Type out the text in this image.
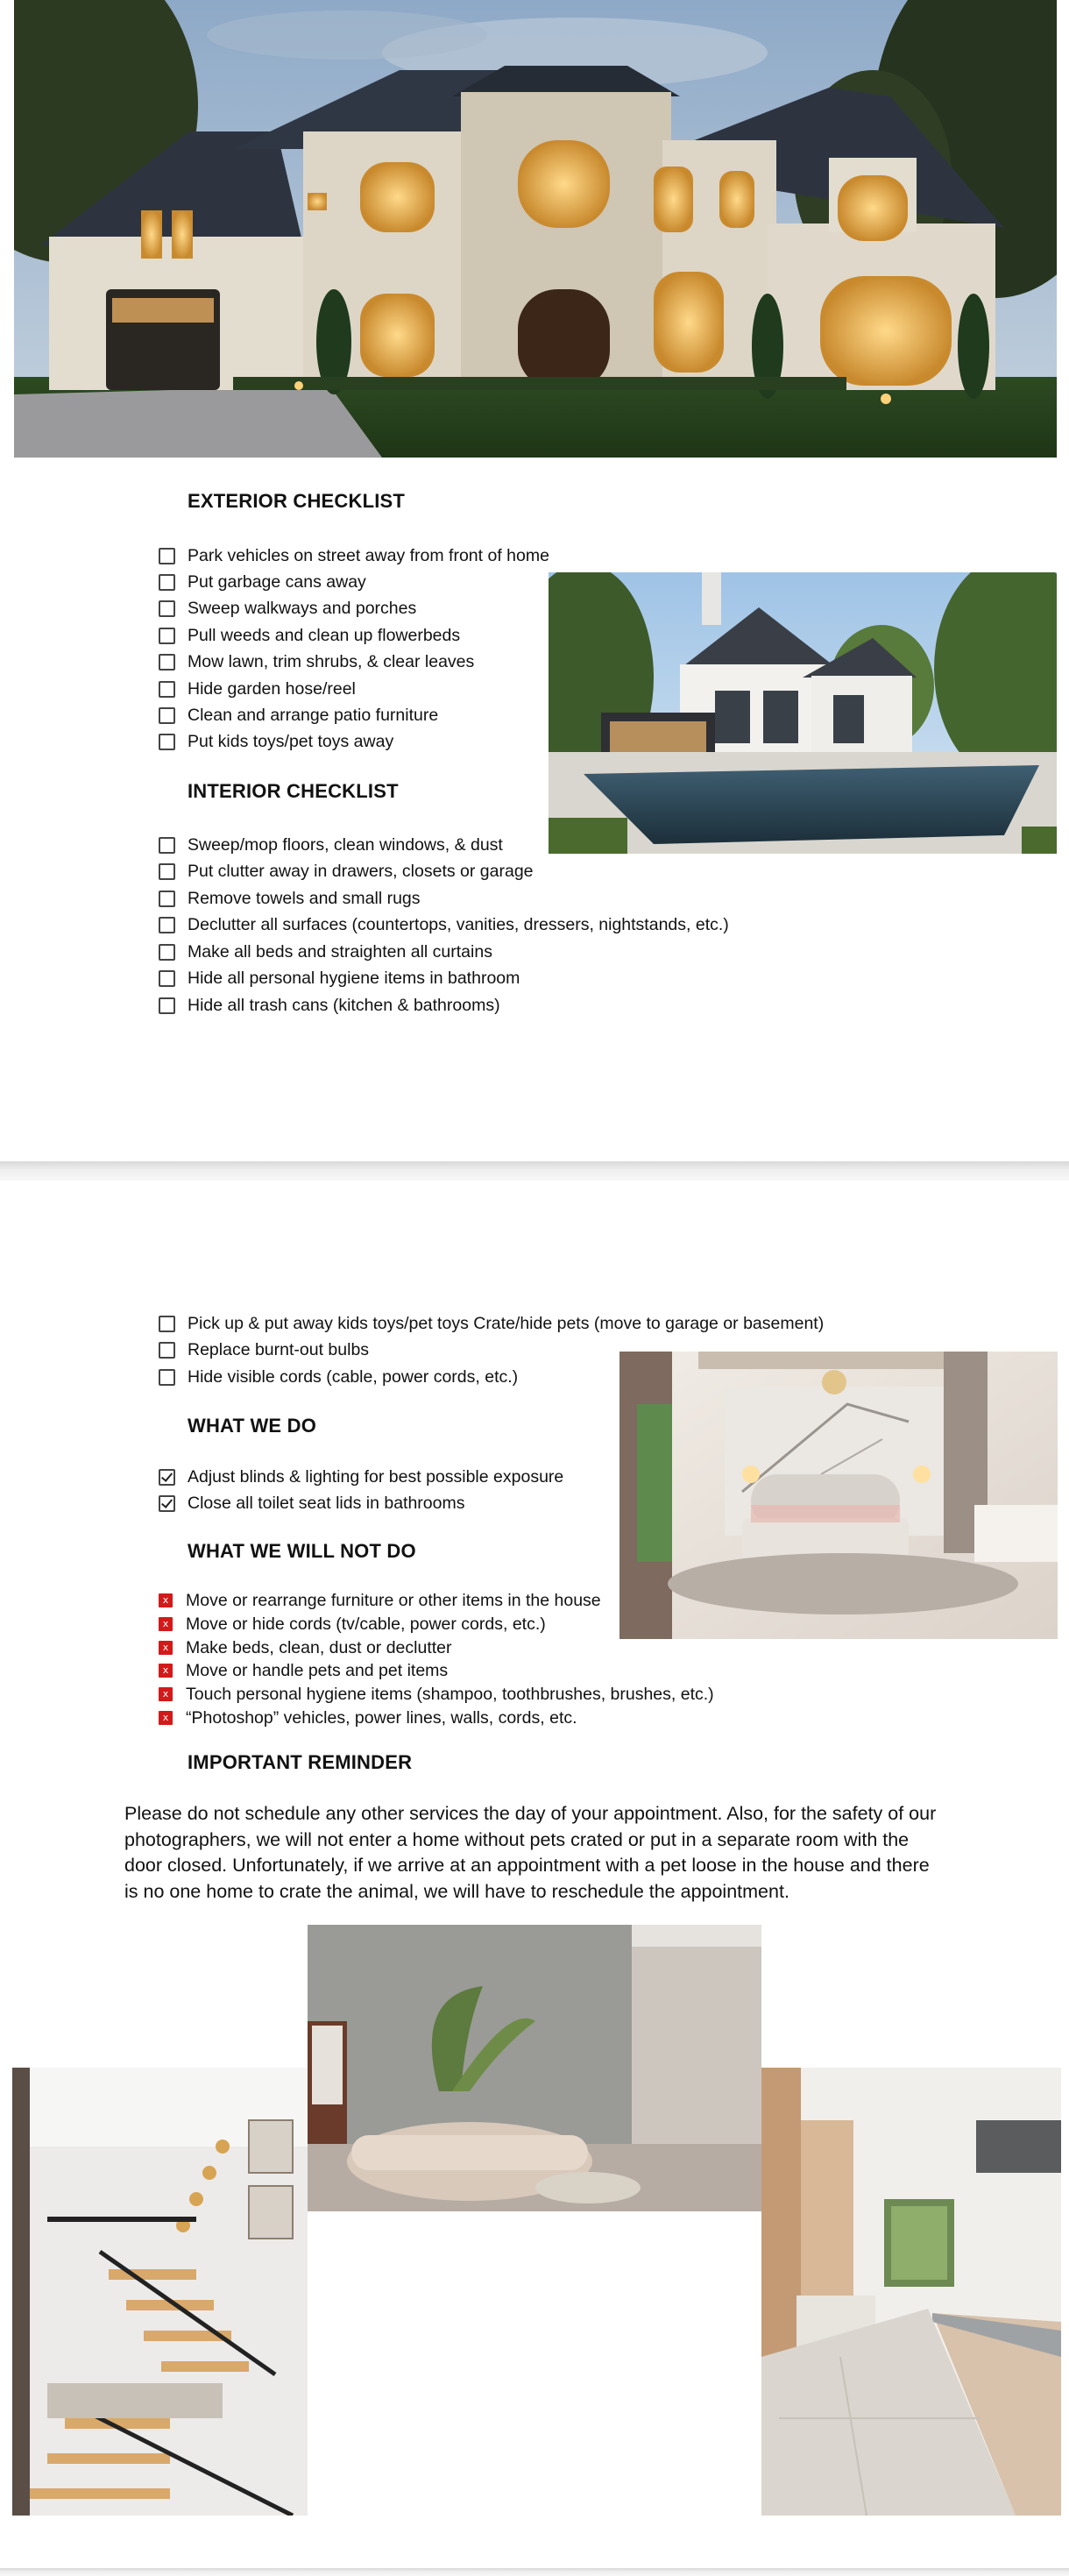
EXTERIOR CHECKLIST
Park vehicles on street away from front of home
Put garbage cans away
Sweep walkways and porches
Pull weeds and clean up flowerbeds
Mow lawn, trim shrubs, & clear leaves
Hide garden hose/reel
Clean and arrange patio furniture
Put kids toys/pet toys away
INTERIOR CHECKLIST
Sweep/mop floors, clean windows, & dust
Put clutter away in drawers, closets or garage
Remove towels and small rugs
Declutter all surfaces (countertops, vanities, dressers, nightstands, etc.)
Make all beds and straighten all curtains
Hide all personal hygiene items in bathroom
Hide all trash cans (kitchen & bathrooms)
Pick up & put away kids toys/pet toys Crate/hide pets (move to garage or basement)
Replace burnt-out bulbs
Hide visible cords (cable, power cords, etc.)
WHAT WE DO
Adjust blinds & lighting for best possible exposure
Close all toilet seat lids in bathrooms
WHAT WE WILL NOT DO
x Move or rearrange furniture or other items in the house
x Move or hide cords (tv/cable, power cords, etc.)
x Make beds, clean, dust or declutter
x Move or handle pets and pet items
x Touch personal hygiene items (shampoo, toothbrushes, brushes, etc.)
x “Photoshop” vehicles, power lines, walls, cords, etc.
IMPORTANT REMINDER
Please do not schedule any other services the day of your appointment. Also, for the safety of our photographers, we will not enter a home without pets crated or put in a separate room with the door closed. Unfortunately, if we arrive at an appointment with a pet loose in the house and there is no one home to crate the animal, we will have to reschedule the appointment.
